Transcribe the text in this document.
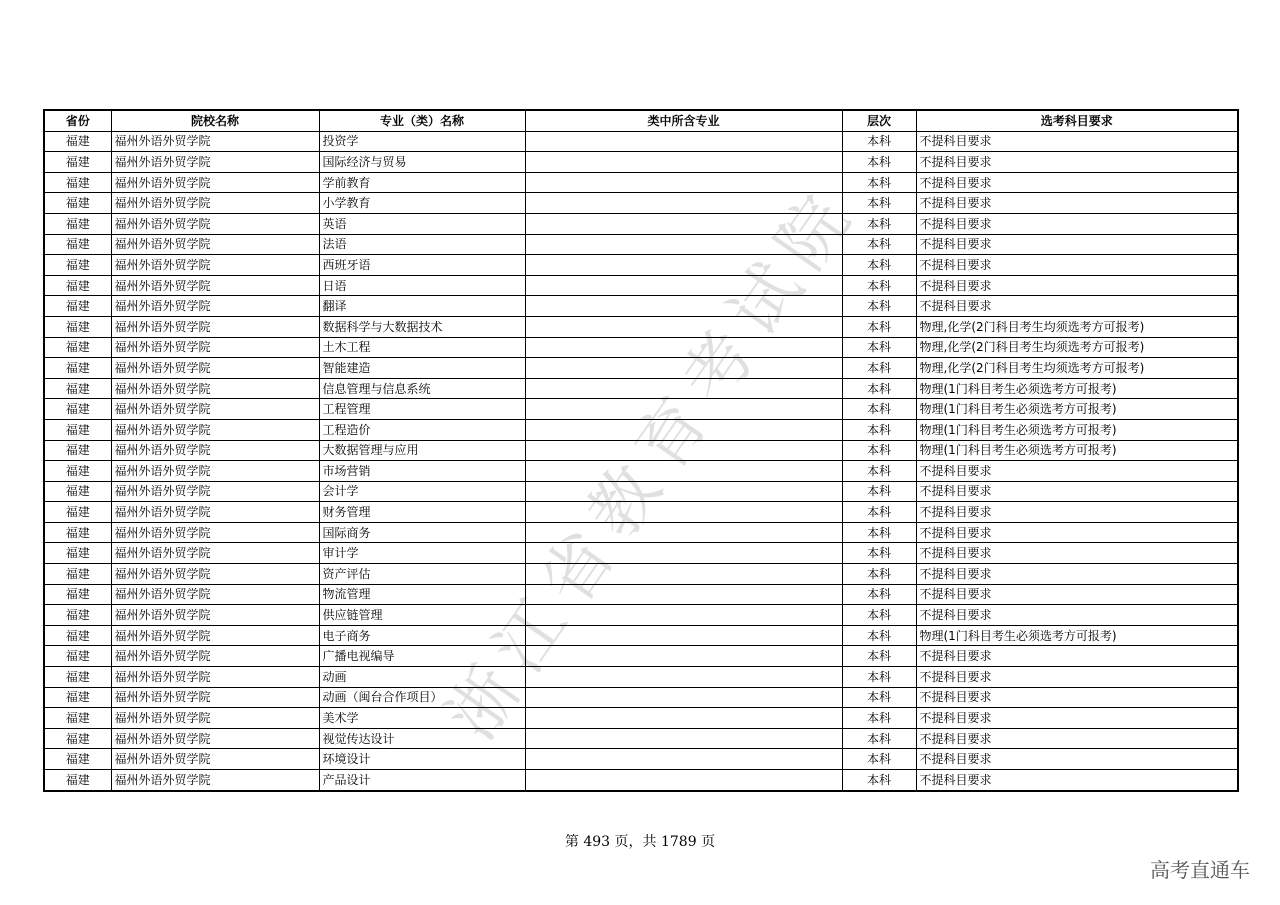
省份	院校名称	专业（类）名称	类中所含专业	层次	选考科目要求
福建	福州外语外贸学院	投资学		本科	不提科目要求
福建	福州外语外贸学院	国际经济与贸易		本科	不提科目要求
福建	福州外语外贸学院	学前教育		本科	不提科目要求
福建	福州外语外贸学院	小学教育		本科	不提科目要求
福建	福州外语外贸学院	英语		本科	不提科目要求
福建	福州外语外贸学院	法语		本科	不提科目要求
福建	福州外语外贸学院	西班牙语		本科	不提科目要求
福建	福州外语外贸学院	日语		本科	不提科目要求
福建	福州外语外贸学院	翻译		本科	不提科目要求
福建	福州外语外贸学院	数据科学与大数据技术		本科	物理,化学(2门科目考生均须选考方可报考)
福建	福州外语外贸学院	土木工程		本科	物理,化学(2门科目考生均须选考方可报考)
福建	福州外语外贸学院	智能建造		本科	物理,化学(2门科目考生均须选考方可报考)
福建	福州外语外贸学院	信息管理与信息系统		本科	物理(1门科目考生必须选考方可报考)
福建	福州外语外贸学院	工程管理		本科	物理(1门科目考生必须选考方可报考)
福建	福州外语外贸学院	工程造价		本科	物理(1门科目考生必须选考方可报考)
福建	福州外语外贸学院	大数据管理与应用		本科	物理(1门科目考生必须选考方可报考)
福建	福州外语外贸学院	市场营销		本科	不提科目要求
福建	福州外语外贸学院	会计学		本科	不提科目要求
福建	福州外语外贸学院	财务管理		本科	不提科目要求
福建	福州外语外贸学院	国际商务		本科	不提科目要求
福建	福州外语外贸学院	审计学		本科	不提科目要求
福建	福州外语外贸学院	资产评估		本科	不提科目要求
福建	福州外语外贸学院	物流管理		本科	不提科目要求
福建	福州外语外贸学院	供应链管理		本科	不提科目要求
福建	福州外语外贸学院	电子商务		本科	物理(1门科目考生必须选考方可报考)
福建	福州外语外贸学院	广播电视编导		本科	不提科目要求
福建	福州外语外贸学院	动画		本科	不提科目要求
福建	福州外语外贸学院	动画（闽台合作项目）		本科	不提科目要求
福建	福州外语外贸学院	美术学		本科	不提科目要求
福建	福州外语外贸学院	视觉传达设计		本科	不提科目要求
福建	福州外语外贸学院	环境设计		本科	不提科目要求
福建	福州外语外贸学院	产品设计		本科	不提科目要求
浙江省教育考试院
第 493 页，共 1789 页
高考直通车
